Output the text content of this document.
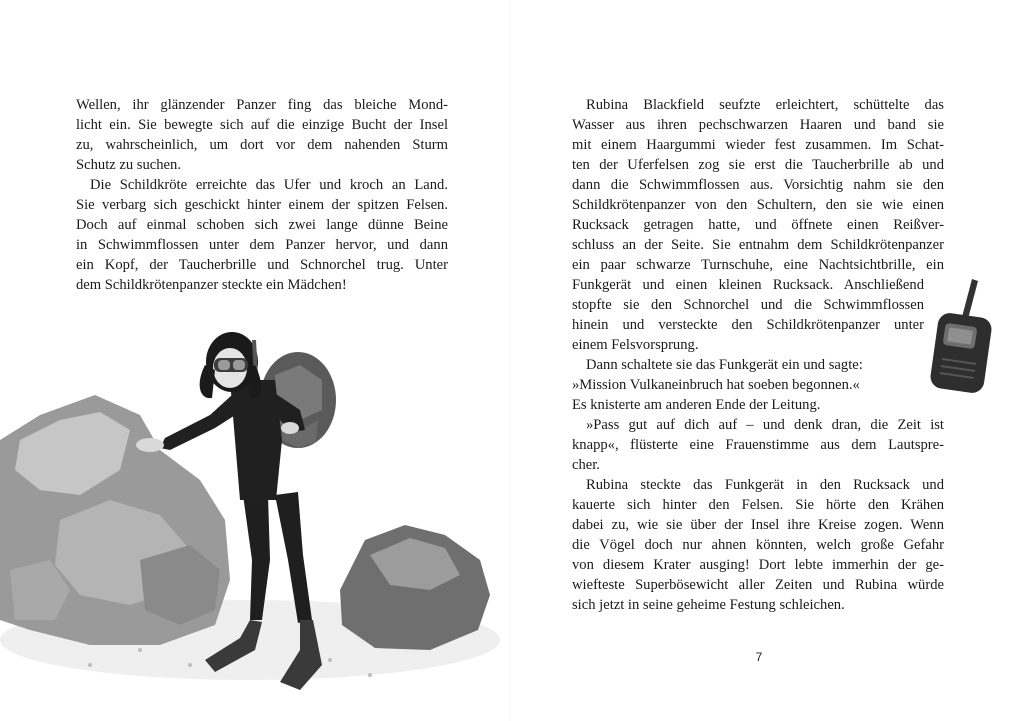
Wellen, ihr glänzender Panzer fing das bleiche Mond-
licht ein. Sie bewegte sich auf die einzige Bucht der Insel
zu, wahrscheinlich, um dort vor dem nahenden Sturm
Schutz zu suchen.
Die Schildkröte erreichte das Ufer und kroch an Land.
Sie verbarg sich geschickt hinter einem der spitzen Felsen.
Doch auf einmal schoben sich zwei lange dünne Beine
in Schwimmflossen unter dem Panzer hervor, und dann
ein Kopf, der Taucherbrille und Schnorchel trug. Unter
dem Schildkrötenpanzer steckte ein Mädchen!
Rubina Blackfield seufzte erleichtert, schüttelte das
Wasser aus ihren pechschwarzen Haaren und band sie
mit einem Haargummi wieder fest zusammen. Im Schat-
ten der Uferfelsen zog sie erst die Taucherbrille ab und
dann die Schwimmflossen aus. Vorsichtig nahm sie den
Schildkrötenpanzer von den Schultern, den sie wie einen
Rucksack getragen hatte, und öffnete einen Reißver-
schluss an der Seite. Sie entnahm dem Schildkrötenpanzer
ein paar schwarze Turnschuhe, eine Nachtsichtbrille, ein
Funkgerät und einen kleinen Rucksack. Anschließend
stopfte sie den Schnorchel und die Schwimmflossen
hinein und versteckte den Schildkrötenpanzer unter
einem Felsvorsprung.
Dann schaltete sie das Funkgerät ein und sagte:
»Mission Vulkaneinbruch hat soeben begonnen.«
Es knisterte am anderen Ende der Leitung.
»Pass gut auf dich auf – und denk dran, die Zeit ist
knapp«, flüsterte eine Frauenstimme aus dem Lautspre-
cher.
Rubina steckte das Funkgerät in den Rucksack und
kauerte sich hinter den Felsen. Sie hörte den Krähen
dabei zu, wie sie über der Insel ihre Kreise zogen. Wenn
die Vögel doch nur ahnen könnten, welch große Gefahr
von diesem Krater ausging! Dort lebte immerhin der ge-
wiefteste Superbösewicht aller Zeiten und Rubina würde
sich jetzt in seine geheime Festung schleichen.
7
